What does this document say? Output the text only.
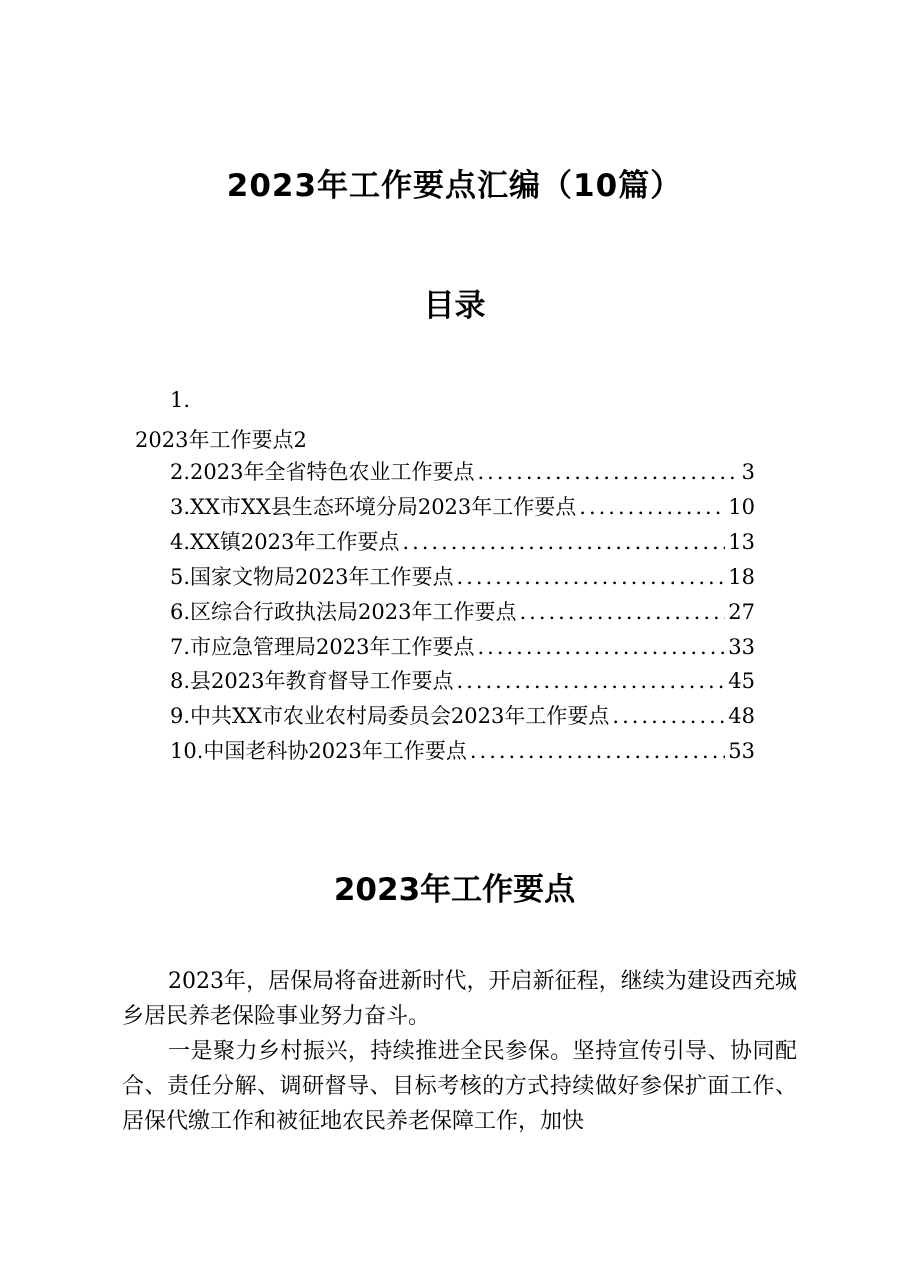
2023年工作要点汇编（10篇）
目录
1.
2023年工作要点2
2.2023年全省特色农业工作要点 .....	3
3.XX市XX县生态环境分局2023年工作要点 .....	10
4.XX镇2023年工作要点 .....	13
5.国家文物局2023年工作要点 .....	18
6.区综合行政执法局2023年工作要点 .....	27
7.市应急管理局2023年工作要点 .....	33
8.县2023年教育督导工作要点 .....	45
9.中共XX市农业农村局委员会2023年工作要点 .....	48
10.中国老科协2023年工作要点 .....	53
2023年工作要点

2023年，居保局将奋进新时代，开启新征程，继续为建设西充城乡居民养老保险事业努力奋斗。

一是聚力乡村振兴，持续推进全民参保。坚持宣传引导、协同配合、责任分解、调研督导、目标考核的方式持续做好参保扩面工作、居保代缴工作和被征地农民养老保障工作，加快
